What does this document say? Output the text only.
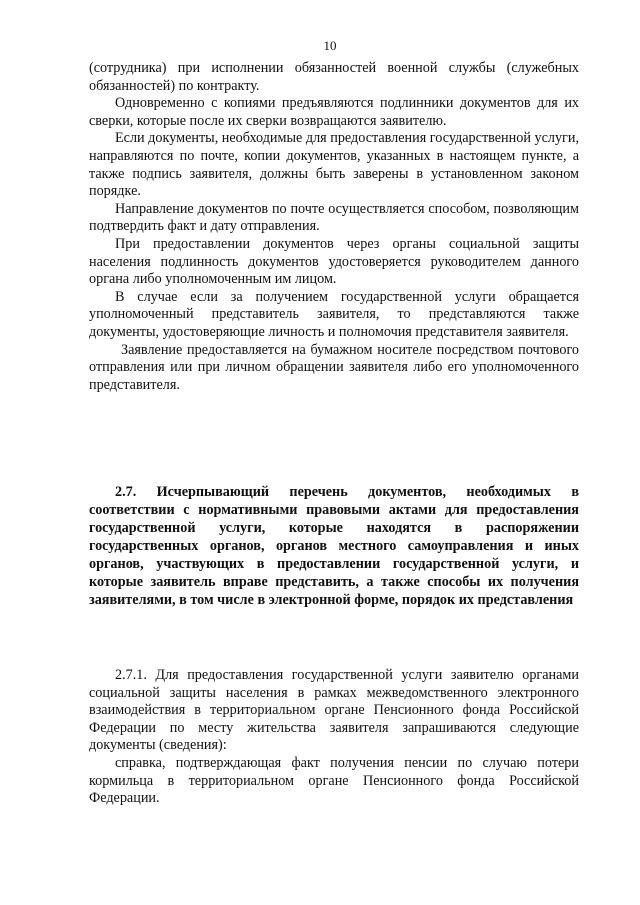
10

(сотрудника) при исполнении обязанностей военной службы (служебных обязанностей) по контракту.

Одновременно с копиями предъявляются подлинники документов для их сверки, которые после их сверки возвращаются заявителю.

Если документы, необходимые для предоставления государственной услуги, направляются по почте, копии документов, указанных в настоящем пункте, а также подпись заявителя, должны быть заверены в установленном законом порядке.

Направление документов по почте осуществляется способом, позволяющим подтвердить факт и дату отправления.

При предоставлении документов через органы социальной защиты населения подлинность документов удостоверяется руководителем данного органа либо уполномоченным им лицом.

В случае если за получением государственной услуги обращается уполномоченный представитель заявителя, то представляются также документы, удостоверяющие личность и полномочия представителя заявителя.

Заявление предоставляется на бумажном носителе посредством почтового отправления или при личном обращении заявителя либо его уполномоченного представителя.

2.7. Исчерпывающий перечень документов, необходимых в соответствии с нормативными правовыми актами для предоставления государственной услуги, которые находятся в распоряжении государственных органов, органов местного самоуправления и иных органов, участвующих в предоставлении государственной услуги, и которые заявитель вправе представить, а также способы их получения заявителями, в том числе в электронной форме, порядок их представления

2.7.1. Для предоставления государственной услуги заявителю органами социальной защиты населения в рамках межведомственного электронного взаимодействия в территориальном органе Пенсионного фонда Российской Федерации по месту жительства заявителя запрашиваются следующие документы (сведения):

справка, подтверждающая факт получения пенсии по случаю потери кормильца в территориальном органе Пенсионного фонда Российской Федерации.
